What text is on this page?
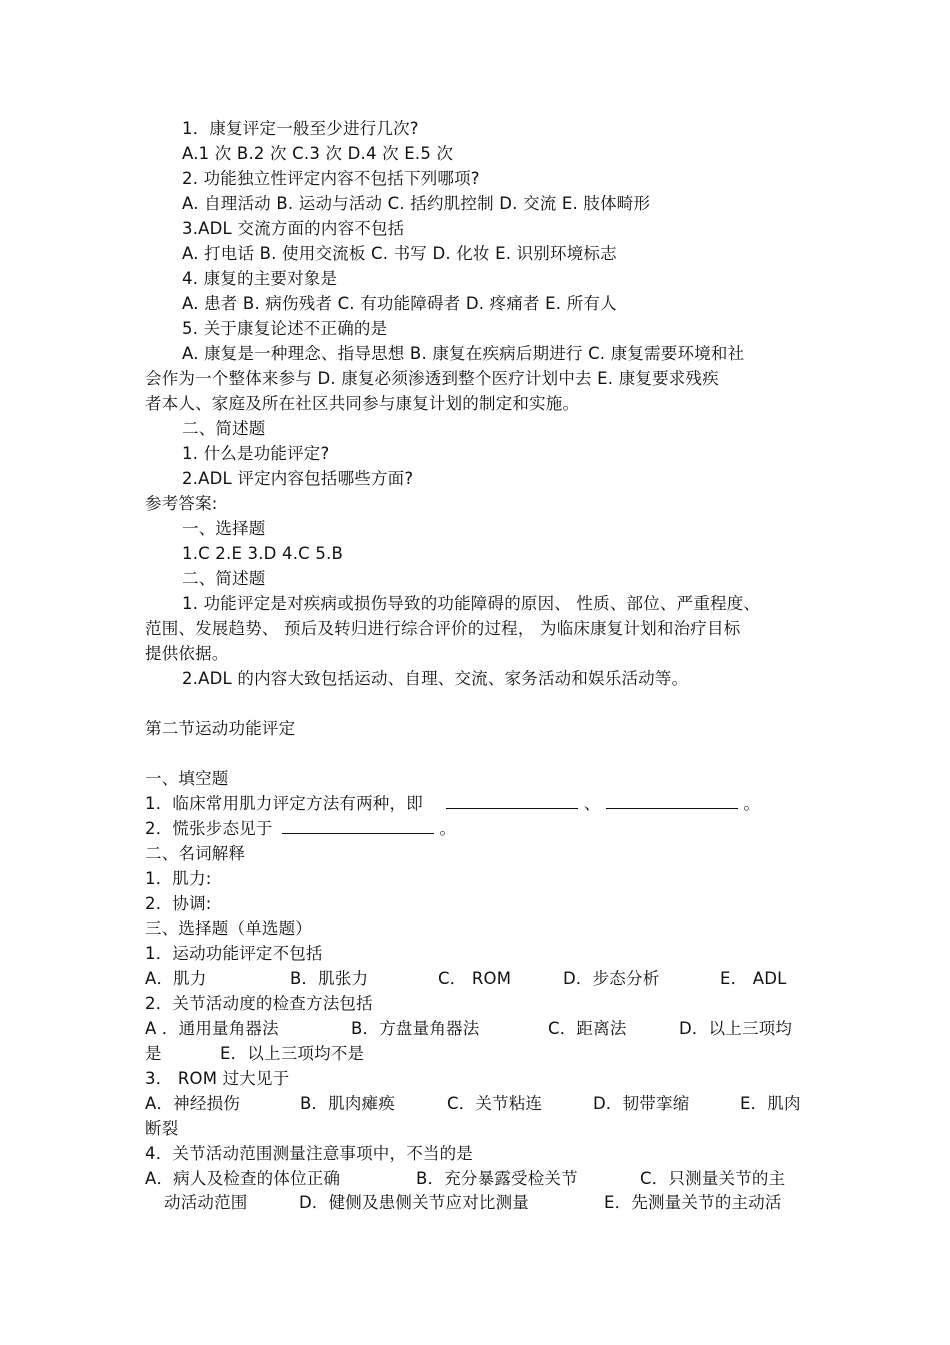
1．康复评定一般至少进行几次?
A.1 次 B.2 次 C.3 次 D.4 次 E.5 次
2. 功能独立性评定内容不包括下列哪项?
A. 自理活动 B. 运动与活动 C. 括约肌控制 D. 交流 E. 肢体畸形
3.ADL 交流方面的内容不包括
A. 打电话 B. 使用交流板 C. 书写 D. 化妆 E. 识别环境标志
4. 康复的主要对象是
A. 患者 B. 病伤残者 C. 有功能障碍者 D. 疼痛者 E. 所有人
5. 关于康复论述不正确的是
A. 康复是一种理念、指导思想 B. 康复在疾病后期进行 C. 康复需要环境和社
会作为一个整体来参与 D. 康复必须渗透到整个医疗计划中去 E. 康复要求残疾
者本人、家庭及所在社区共同参与康复计划的制定和实施。
二、简述题
1. 什么是功能评定?
2.ADL 评定内容包括哪些方面?
参考答案:
一、选择题
1.C 2.E 3.D 4.C 5.B
二、简述题
1. 功能评定是对疾病或损伤导致的功能障碍的原因、 性质、部位、严重程度、
范围、发展趋势、 预后及转归进行综合评价的过程， 为临床康复计划和治疗目标
提供依据。
2.ADL 的内容大致包括运动、自理、交流、家务活动和娱乐活动等。
第二节运动功能评定
一、填空题
1．临床常用肌力评定方法有两种，即	、	。
2．慌张步态见于	。
二、名词解释
1．肌力:
2．协调:
三、选择题（单选题）
1．运动功能评定不包括
A．肌力	B．肌张力	C． ROM	D．步态分析	E． ADL
2．关节活动度的检查方法包括
A ．通用量角器法	B．方盘量角器法	C．距离法	D．以上三项均
是	E．以上三项均不是
3． ROM 过大见于
A．神经损伤	B．肌肉瘫痪	C．关节粘连	D．韧带挛缩	E．肌肉
断裂
4．关节活动范围测量注意事项中，不当的是
A．病人及检查的体位正确	B．充分暴露受检关节	C．只测量关节的主
动活动范围	D．健侧及患侧关节应对比测量	E．先测量关节的主动活
